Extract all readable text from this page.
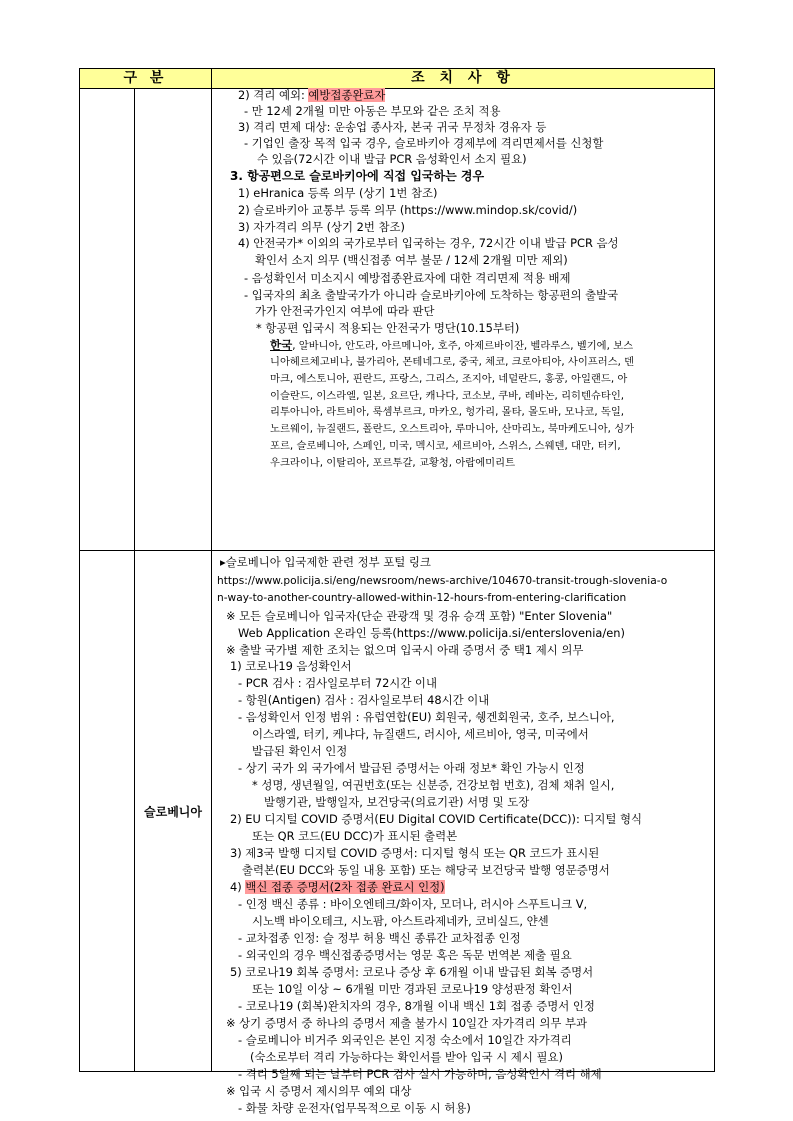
구 분	조 치 사 항
2) 격리 예외: 예방접종완료자
- 만 12세 2개월 미만 아동은 부모와 같은 조치 적용
3) 격리 면제 대상: 운송업 종사자, 본국 귀국 무정차 경유자 등
- 기업인 출장 목적 입국 경우, 슬로바키아 경제부에 격리면제서를 신청할
수 있음(72시간 이내 발급 PCR 음성확인서 소지 필요)
3. 항공편으로 슬로바키아에 직접 입국하는 경우
1) eHranica 등록 의무 (상기 1번 참조)
2) 슬로바키아 교통부 등록 의무 (https://www.mindop.sk/covid/)
3) 자가격리 의무 (상기 2번 참조)
4) 안전국가* 이외의 국가로부터 입국하는 경우, 72시간 이내 발급 PCR 음성
확인서 소지 의무 (백신접종 여부 불문 / 12세 2개월 미만 제외)
- 음성확인서 미소지시 예방접종완료자에 대한 격리면제 적용 배제
- 입국자의 최초 출발국가가 아니라 슬로바키아에 도착하는 항공편의 출발국
가가 안전국가인지 여부에 따라 판단
* 항공편 입국시 적용되는 안전국가 명단(10.15부터)
한국, 알바니아, 안도라, 아르메니아, 호주, 아제르바이잔, 벨라루스, 벨기에, 보스
니아헤르체고비나, 불가리아, 몬테네그로, 중국, 체코, 크로아티아, 사이프러스, 덴
마크, 에스토니아, 핀란드, 프랑스, 그리스, 조지아, 네덜란드, 홍콩, 아일랜드, 아
이슬란드, 이스라엘, 일본, 요르단, 캐나다, 코소보, 쿠바, 레바논, 리히텐슈타인,
리투아니아, 라트비아, 룩셈부르크, 마카오, 헝가리, 몰타, 몰도바, 모나코, 독일,
노르웨이, 뉴질랜드, 폴란드, 오스트리아, 루마니아, 산마리노, 북마케도니아, 싱가
포르, 슬로베니아, 스페인, 미국, 멕시코, 세르비아, 스위스, 스웨덴, 대만, 터키,
우크라이나, 이탈리아, 포르투갈, 교황청, 아랍에미리트
슬로베니아
▸슬로베니아 입국제한 관련 정부 포털 링크
https://www.policija.si/eng/newsroom/news-archive/104670-transit-trough-slovenia-o
n-way-to-another-country-allowed-within-12-hours-from-entering-clarification
※ 모든 슬로베니아 입국자(단순 관광객 및 경유 승객 포함) "Enter Slovenia"
Web Application 온라인 등록(https://www.policija.si/enterslovenia/en)
※ 출발 국가별 제한 조치는 없으며 입국시 아래 증명서 중 택1 제시 의무
1) 코로나19 음성확인서
- PCR 검사 : 검사일로부터 72시간 이내
- 항원(Antigen) 검사 : 검사일로부터 48시간 이내
- 음성확인서 인정 범위 : 유럽연합(EU) 회원국, 쉥겐회원국, 호주, 보스니아,
이스라엘, 터키, 케냐다, 뉴질랜드, 러시아, 세르비아, 영국, 미국에서
발급된 확인서 인정
- 상기 국가 외 국가에서 발급된 증명서는 아래 정보* 확인 가능시 인정
* 성명, 생년월일, 여권번호(또는 신분증, 건강보험 번호), 검체 채취 일시,
발행기관, 발행일자, 보건당국(의료기관) 서명 및 도장
2) EU 디지털 COVID 증명서(EU Digital COVID Certificate(DCC)): 디지털 형식
또는 QR 코드(EU DCC)가 표시된 출력본
3) 제3국 발행 디지털 COVID 증명서: 디지털 형식 또는 QR 코드가 표시된
출력본(EU DCC와 동일 내용 포함) 또는 해당국 보건당국 발행 영문증명서
4) 백신 접종 증명서(2차 접종 완료시 인정)
- 인정 백신 종류 : 바이오엔테크/화이자, 모더나, 러시아 스푸트니크 V,
시노백 바이오테크, 시노팜, 아스트라제네카, 코비실드, 얀센
- 교차접종 인정: 슬 정부 허용 백신 종류간 교차접종 인정
- 외국인의 경우 백신접종증명서는 영문 혹은 독문 번역본 제출 필요
5) 코로나19 회복 증명서: 코로나 증상 후 6개월 이내 발급된 회복 증명서
또는 10일 이상 ~ 6개월 미만 경과된 코로나19 양성판정 확인서
- 코로나19 (회복)완치자의 경우, 8개월 이내 백신 1회 접종 증명서 인정
※ 상기 증명서 중 하나의 증명서 제출 불가시 10일간 자가격리 의무 부과
- 슬로베니아 비거주 외국인은 본인 지정 숙소에서 10일간 자가격리
(숙소로부터 격리 가능하다는 확인서를 받아 입국 시 제시 필요)
- 격리 5일째 되는 날부터 PCR 검사 실시 가능하며, 음성확인시 격리 해제
※ 입국 시 증명서 제시의무 예외 대상
- 화물 차량 운전자(업무목적으로 이동 시 허용)
